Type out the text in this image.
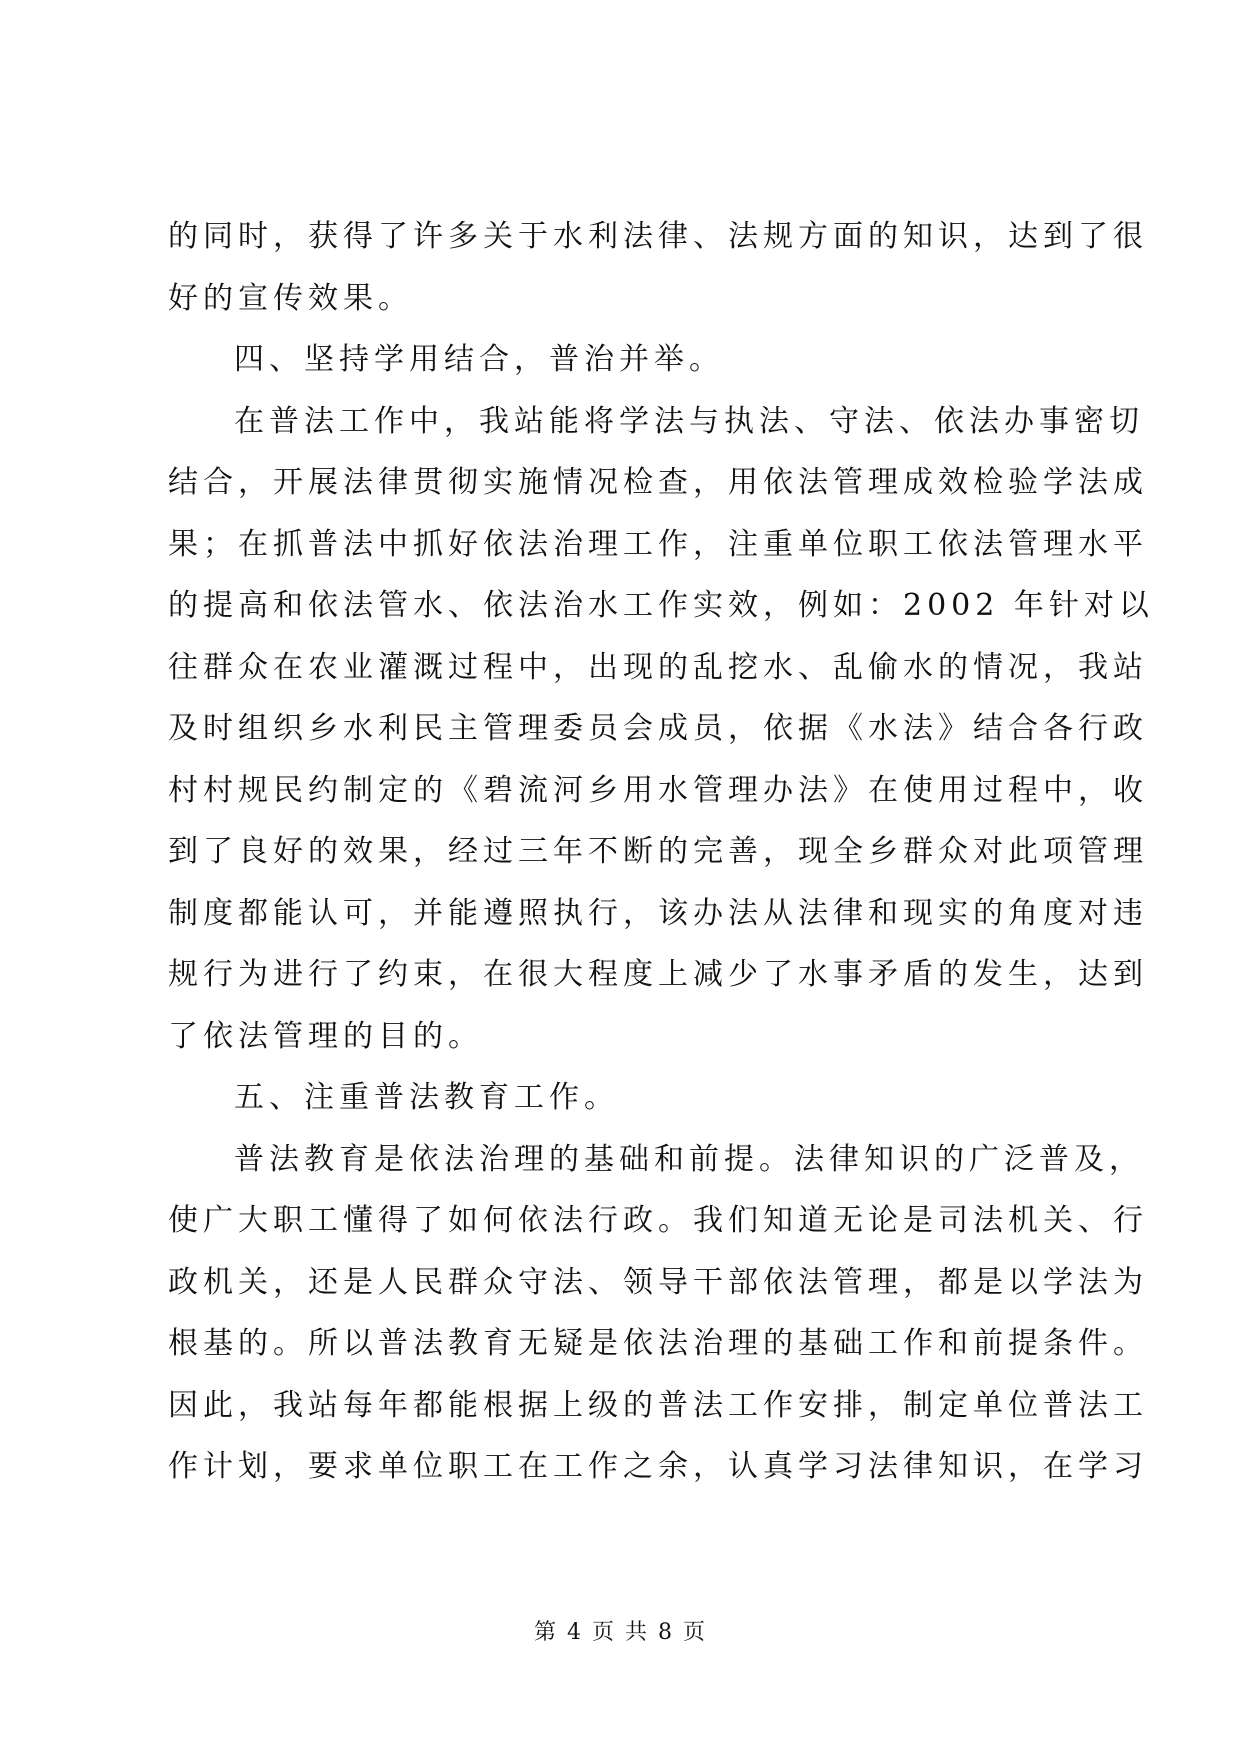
的同时，获得了许多关于水利法律、法规方面的知识，达到了很
好的宣传效果。
四、坚持学用结合，普治并举。
在普法工作中，我站能将学法与执法、守法、依法办事密切
结合，开展法律贯彻实施情况检查，用依法管理成效检验学法成
果；在抓普法中抓好依法治理工作，注重单位职工依法管理水平
的提高和依法管水、依法治水工作实效，例如：2002 年针对以
往群众在农业灌溉过程中，出现的乱挖水、乱偷水的情况，我站
及时组织乡水利民主管理委员会成员，依据《水法》结合各行政
村村规民约制定的《碧流河乡用水管理办法》在使用过程中，收
到了良好的效果，经过三年不断的完善，现全乡群众对此项管理
制度都能认可，并能遵照执行，该办法从法律和现实的角度对违
规行为进行了约束，在很大程度上减少了水事矛盾的发生，达到
了依法管理的目的。
五、注重普法教育工作。
普法教育是依法治理的基础和前提。法律知识的广泛普及，
使广大职工懂得了如何依法行政。我们知道无论是司法机关、行
政机关，还是人民群众守法、领导干部依法管理，都是以学法为
根基的。所以普法教育无疑是依法治理的基础工作和前提条件。
因此，我站每年都能根据上级的普法工作安排，制定单位普法工
作计划，要求单位职工在工作之余，认真学习法律知识，在学习
第 4 页 共 8 页
